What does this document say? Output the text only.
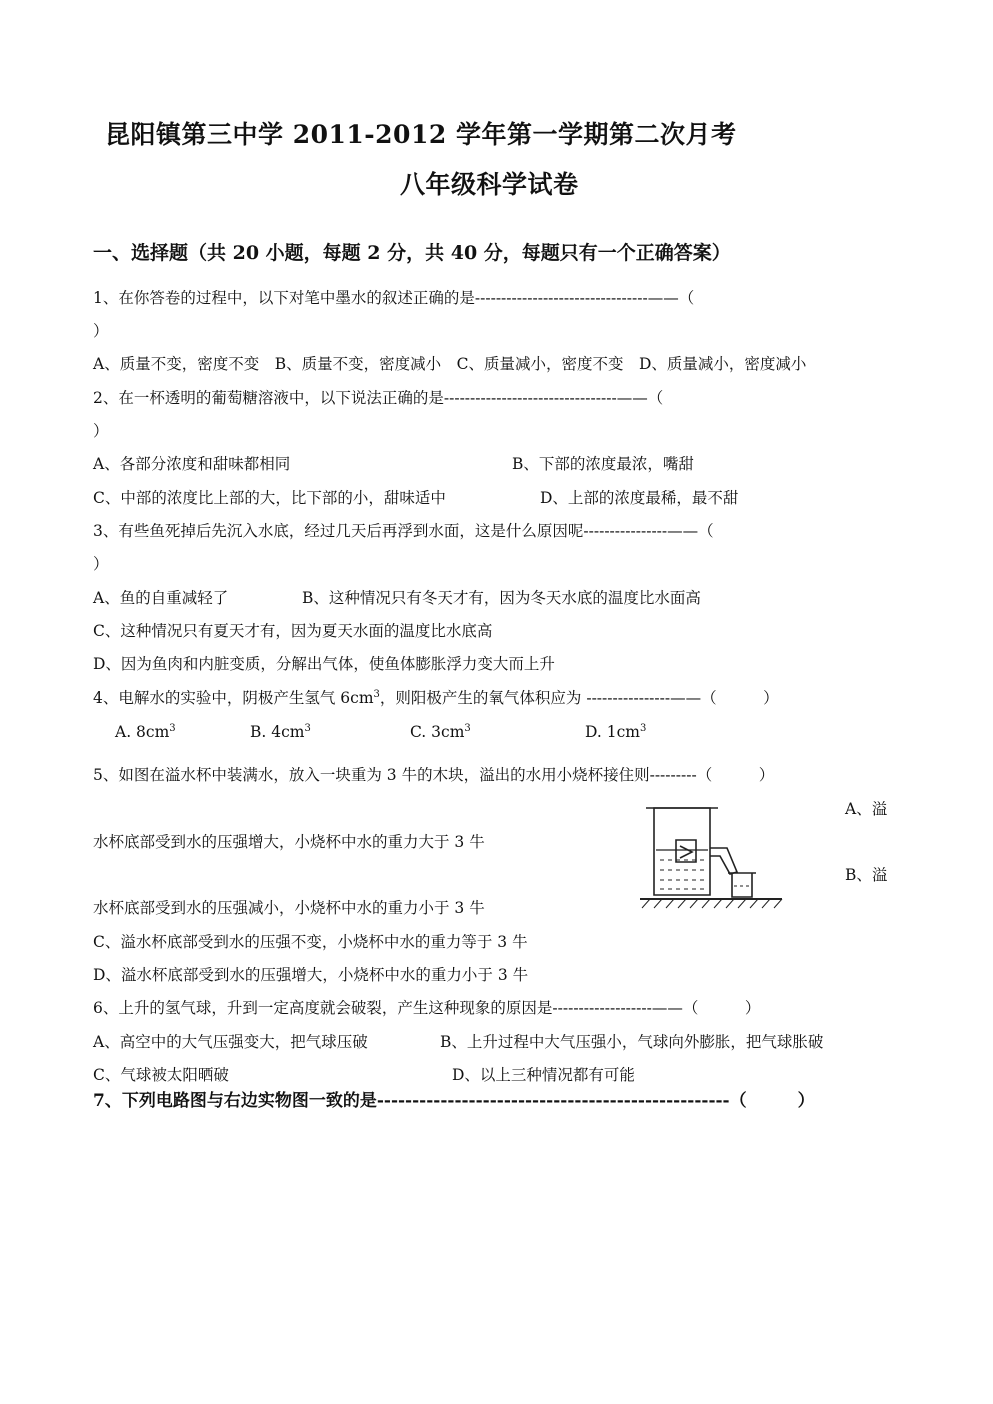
昆阳镇第三中学 2011-2012 学年第一学期第二次月考
八年级科学试卷
一、选择题（共 20 小题，每题 2 分，共 40 分，每题只有一个正确答案）
1、在你答卷的过程中，以下对笔中墨水的叙述正确的是---------------------------------——（
）
A、质量不变，密度不变　B、质量不变，密度减小　C、质量减小，密度不变　D、质量减小，密度减小
2、在一杯透明的葡萄糖溶液中，以下说法正确的是---------------------------------——（
）
A、各部分浓度和甜味都相同	B、下部的浓度最浓，嘴甜
C、中部的浓度比上部的大，比下部的小，甜味适中	D、上部的浓度最稀，最不甜
3、有些鱼死掉后先沉入水底，经过几天后再浮到水面，这是什么原因呢----------------——（
）
A、鱼的自重减轻了	B、这种情况只有冬天才有，因为冬天水底的温度比水面高
C、这种情况只有夏天才有，因为夏天水面的温度比水底高
D、因为鱼肉和内脏变质，分解出气体，使鱼体膨胀浮力变大而上升
4、电解水的实验中，阴极产生氢气 $6cm^3$，则阳极产生的氧气体积应为 ----------------——（　　　）
A. $8cm^3$	B. $4cm^3$	C. $3cm^3$	D. $1cm^3$
5、如图在溢水杯中装满水，放入一块重为 3 牛的木块，溢出的水用小烧杯接住则---------（　　　）
A、溢
水杯底部受到水的压强增大，小烧杯中水的重力大于 3 牛
B、溢
水杯底部受到水的压强减小，小烧杯中水的重力小于 3 牛
C、溢水杯底部受到水的压强不变，小烧杯中水的重力等于 3 牛
D、溢水杯底部受到水的压强增大，小烧杯中水的重力小于 3 牛
6、上升的氢气球，升到一定高度就会破裂，产生这种现象的原因是-------------------——（　　　）
A、高空中的大气压强变大，把气球压破	B、上升过程中大气压强小，气球向外膨胀，把气球胀破
C、气球被太阳晒破	D、以上三种情况都有可能
7、下列电路图与右边实物图一致的是--------------------------------------------------（　　　）
